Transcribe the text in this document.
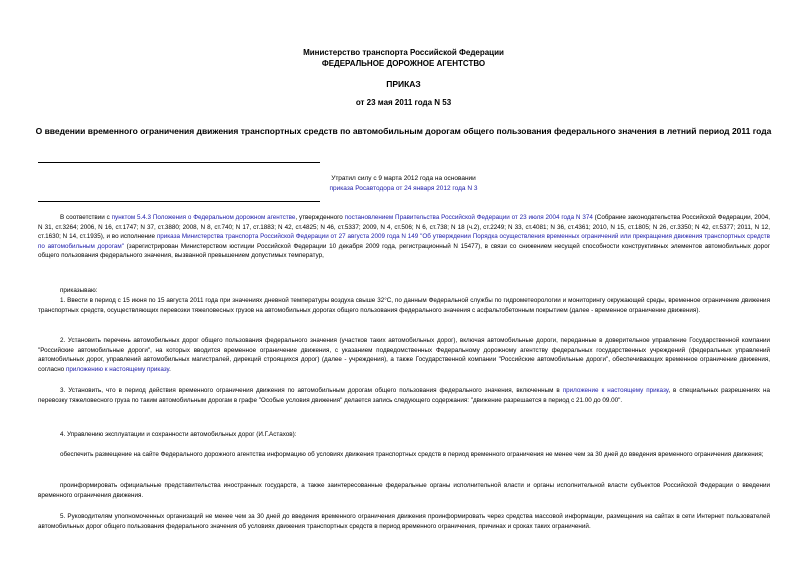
Министерство транспорта Российской Федерации
ФЕДЕРАЛЬНОЕ ДОРОЖНОЕ АГЕНТСТВО
ПРИКАЗ
от 23 мая 2011 года N 53
О введении временного ограничения движения транспортных средств по автомобильным дорогам общего пользования федерального значения в летний период 2011 года
Утратил силу с 9 марта 2012 года на основании
приказа Росавтодора от 24 января 2012 года N 3
В соответствии с пунктом 5.4.3 Положения о Федеральном дорожном агентстве, утвержденного постановлением Правительства Российской Федерации от 23 июля 2004 года N 374 (Собрание законодательства Российской Федерации, 2004, N 31, ст.3264; 2006, N 16, ст.1747; N 37, ст.3880; 2008, N 8, ст.740; N 17, ст.1883; N 42, ст.4825; N 46, ст.5337; 2009, N 4, ст.506; N 6, ст.738; N 18 (ч.2), ст.2249; N 33, ст.4081; N 36, ст.4361; 2010, N 15, ст.1805; N 26, ст.3350; N 42, ст.5377; 2011, N 12, ст.1630; N 14, ст.1935), и во исполнение приказа Министерства транспорта Российской Федерации от 27 августа 2009 года N 149 "Об утверждении Порядка осуществления временных ограничений или прекращения движения транспортных средств по автомобильным дорогам" (зарегистрирован Министерством юстиции Российской Федерации 10 декабря 2009 года, регистрационный N 15477), в связи со снижением несущей способности конструктивных элементов автомобильных дорог общего пользования федерального значения, вызванной превышением допустимых температур,
приказываю:
1. Ввести в период с 15 июня по 15 августа 2011 года при значениях дневной температуры воздуха свыше 32°С, по данным Федеральной службы по гидрометеорологии и мониторингу окружающей среды, временное ограничение движения транспортных средств, осуществляющих перевозки тяжеловесных грузов на автомобильных дорогах общего пользования федерального значения с асфальтобетонным покрытием (далее - временное ограничение движения).
2. Установить перечень автомобильных дорог общего пользования федерального значения (участков таких автомобильных дорог), включая автомобильные дороги, переданные в доверительное управление Государственной компании "Российские автомобильные дороги", на которых вводится временное ограничение движения, с указанием подведомственных Федеральному дорожному агентству федеральных государственных учреждений (федеральных управлений автомобильных дорог, управлений автомобильных магистралей, дирекций строящихся дорог) (далее - учреждения), а также Государственной компании "Российские автомобильные дороги", обеспечивающих временное ограничение движения, согласно приложению к настоящему приказу.
3. Установить, что в период действия временного ограничения движения по автомобильным дорогам общего пользования федерального значения, включенным в приложение к настоящему приказу, в специальных разрешениях на перевозку тяжеловесного груза по таким автомобильным дорогам в графе "Особые условия движения" делается запись следующего содержания: "движение разрешается в период с 21.00 до 09.00".
4. Управлению эксплуатации и сохранности автомобильных дорог (И.Г.Астахов):
обеспечить размещение на сайте Федерального дорожного агентства информацию об условиях движения транспортных средств в период временного ограничения не менее чем за 30 дней до введения временного ограничения движения;
проинформировать официальные представительства иностранных государств, а также заинтересованные федеральные органы исполнительной власти и органы исполнительной власти субъектов Российской Федерации о введении временного ограничения движения.
5. Руководителям уполномоченных организаций не менее чем за 30 дней до введения временного ограничения движения проинформировать через средства массовой информации, размещения на сайтах в сети Интернет пользователей автомобильных дорог общего пользования федерального значения об условиях движения транспортных средств в период временного ограничения, причинах и сроках таких ограничений.
